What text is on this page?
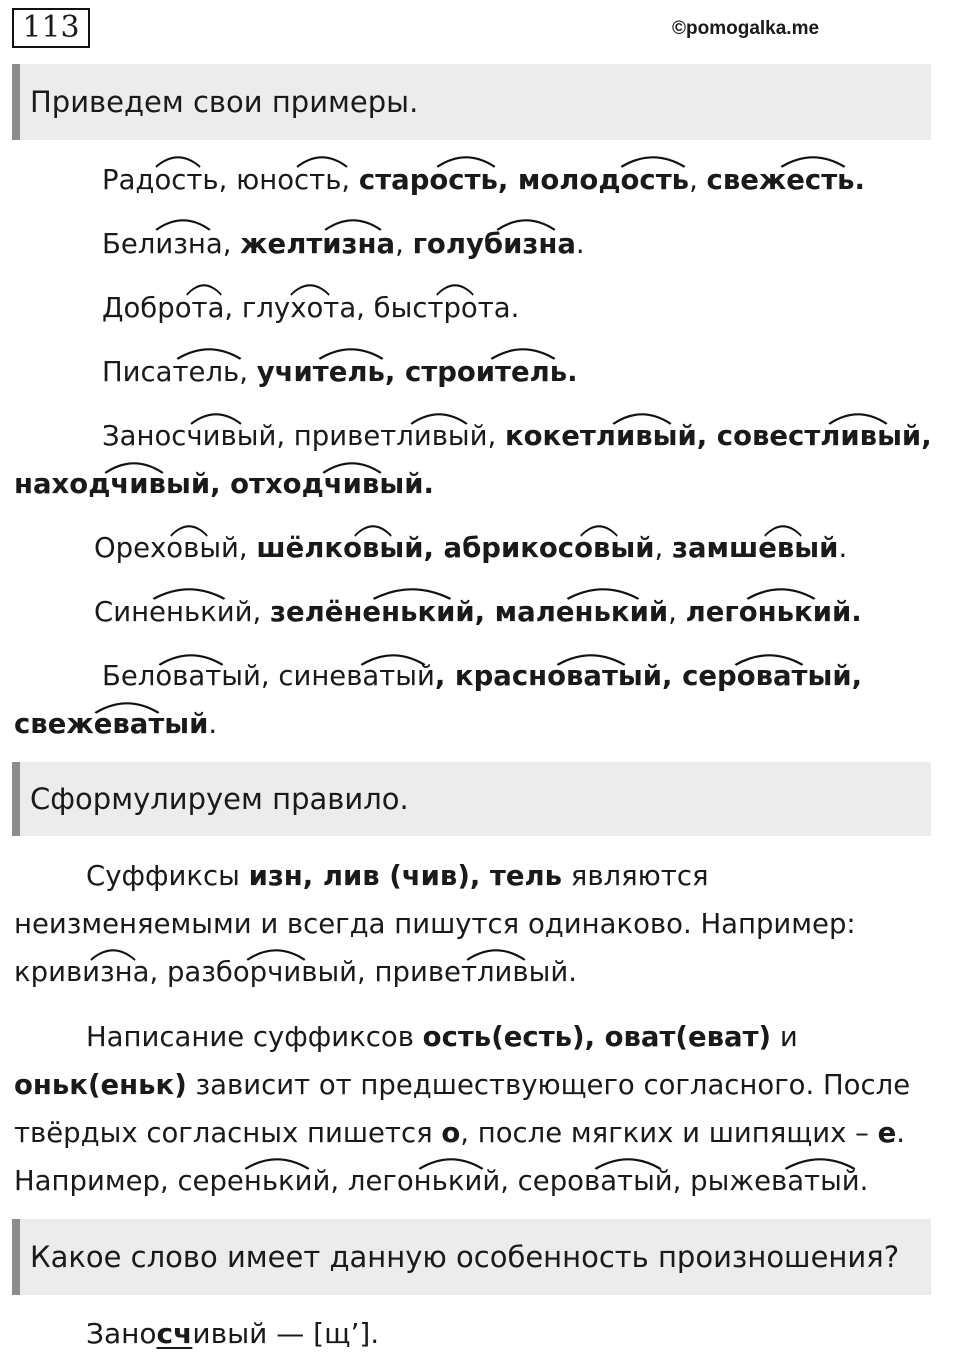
113	©pomogalka.me
Приведем свои примеры.
Радость, юность, старость, молодость, свежесть.
Белизна, желтизна, голубизна.
Доброта, глухота, быстрота.
Писатель, учитель, строитель.
Заносчивый, приветливый, кокетливый, совестливый,
находчивый, отходчивый.
Ореховый, шёлковый, абрикосовый, замшевый.
Синенький, зелёненький, маленький, легонький.
Беловатый, синеватый, красноватый, сероватый,
свежеватый.
Сформулируем правило.
Суффиксы изн, лив (чив), тель являются неизменяемыми и всегда пишутся одинаково. Например: кривизна, разборчивый, приветливый.
Написание суффиксов ость(есть), оват(еват) и оньк(еньк) зависит от предшествующего согласного. После твёрдых согласных пишется о, после мягких и шипящих – е. Например, серенький, легонький, сероватый, рыжеватый.
Какое слово имеет данную особенность произношения?
Заносчивый — [щ’].
